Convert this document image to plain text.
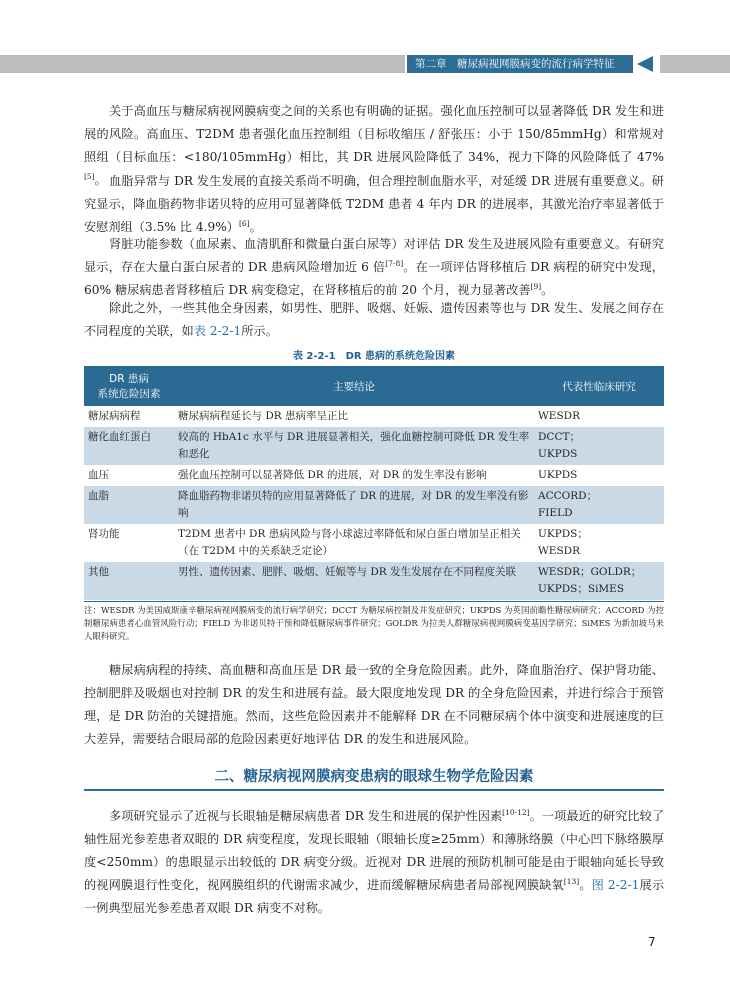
第二章　糖尿病视网膜病变的流行病学特征

关于高血压与糖尿病视网膜病变之间的关系也有明确的证据。强化血压控制可以显著降低 DR 发生和进展的风险。高血压、T2DM 患者强化血压控制组（目标收缩压 / 舒张压：小于 150/85mmHg）和常规对照组（目标血压：<180/105mmHg）相比，其 DR 进展风险降低了 34%，视力下降的风险降低了 47%[5]。 血脂异常与 DR 发生发展的直接关系尚不明确，但合理控制血脂水平，对延缓 DR 进展有重要意义。研究显示，降血脂药物非诺贝特的应用可显著降低 T2DM 患者 4 年内 DR 的进展率，其激光治疗率显著低于安慰剂组（3.5% 比 4.9%）[6]。

肾脏功能参数（血尿素、血清肌酐和微量白蛋白尿等）对评估 DR 发生及进展风险有重要意义。有研究显示，存在大量白蛋白尿者的 DR 患病风险增加近 6 倍[7-8]。在一项评估肾移植后 DR 病程的研究中发现，60% 糖尿病患者肾移植后 DR 病变稳定，在肾移植后的前 20 个月，视力显著改善[9]。

除此之外，一些其他全身因素，如男性、肥胖、吸烟、妊娠、遗传因素等也与 DR 发生、发展之间存在不同程度的关联，如表 2-2-1所示。

表 2-2-1　DR 患病的系统危险因素
DR 患病
系统危险因素	主要结论	代表性临床研究
糖尿病病程	糖尿病病程延长与 DR 患病率呈正比	WESDR
糖化血红蛋白	较高的 HbA1c 水平与 DR 进展显著相关，强化血糖控制可降低 DR 发生率和恶化	DCCT；
UKPDS
血压	强化血压控制可以显著降低 DR 的进展，对 DR 的发生率没有影响	UKPDS
血脂	降血脂药物非诺贝特的应用显著降低了 DR 的进展，对 DR 的发生率没有影响	ACCORD；
FIELD
肾功能	T2DM 患者中 DR 患病风险与肾小球滤过率降低和尿白蛋白增加呈正相关（在 T2DM 中的关系缺乏定论）	UKPDS；
WESDR
其他	男性、遗传因素、肥胖、吸烟、妊娠等与 DR 发生发展存在不同程度关联	WESDR；GOLDR；
UKPDS；SiMES

注：WESDR 为美国威斯康辛糖尿病视网膜病变的流行病学研究；DCCT 为糖尿病控制及并发症研究；UKPDS 为英国前瞻性糖尿病研究；ACCORD 为控制糖尿病患者心血管风险行动；FIELD 为非诺贝特干预和降低糖尿病事件研究；GOLDR 为拉美人群糖尿病视网膜病变基因学研究；SiMES 为新加坡马来人眼科研究。

糖尿病病程的持续、高血糖和高血压是 DR 最一致的全身危险因素。此外，降血脂治疗、保护肾功能、控制肥胖及吸烟也对控制 DR 的发生和进展有益。最大限度地发现 DR 的全身危险因素，并进行综合于预管理，是 DR 防治的关键措施。然而，这些危险因素并不能解释 DR 在不同糖尿病个体中演变和进展速度的巨大差异，需要结合眼局部的危险因素更好地评估 DR 的发生和进展风险。

二、糖尿病视网膜病变患病的眼球生物学危险因素

多项研究显示了近视与长眼轴是糖尿病患者 DR 发生和进展的保护性因素[10-12]。一项最近的研究比较了轴性屈光参差患者双眼的 DR 病变程度，发现长眼轴（眼轴长度≥25mm）和薄脉络膜（中心凹下脉络膜厚度<250mm）的患眼显示出较低的 DR 病变分级。近视对 DR 进展的预防机制可能是由于眼轴向延长导致的视网膜退行性变化，视网膜组织的代谢需求减少，进而缓解糖尿病患者局部视网膜缺氧[13]。图 2-2-1展示一例典型屈光参差患者双眼 DR 病变不对称。

7
